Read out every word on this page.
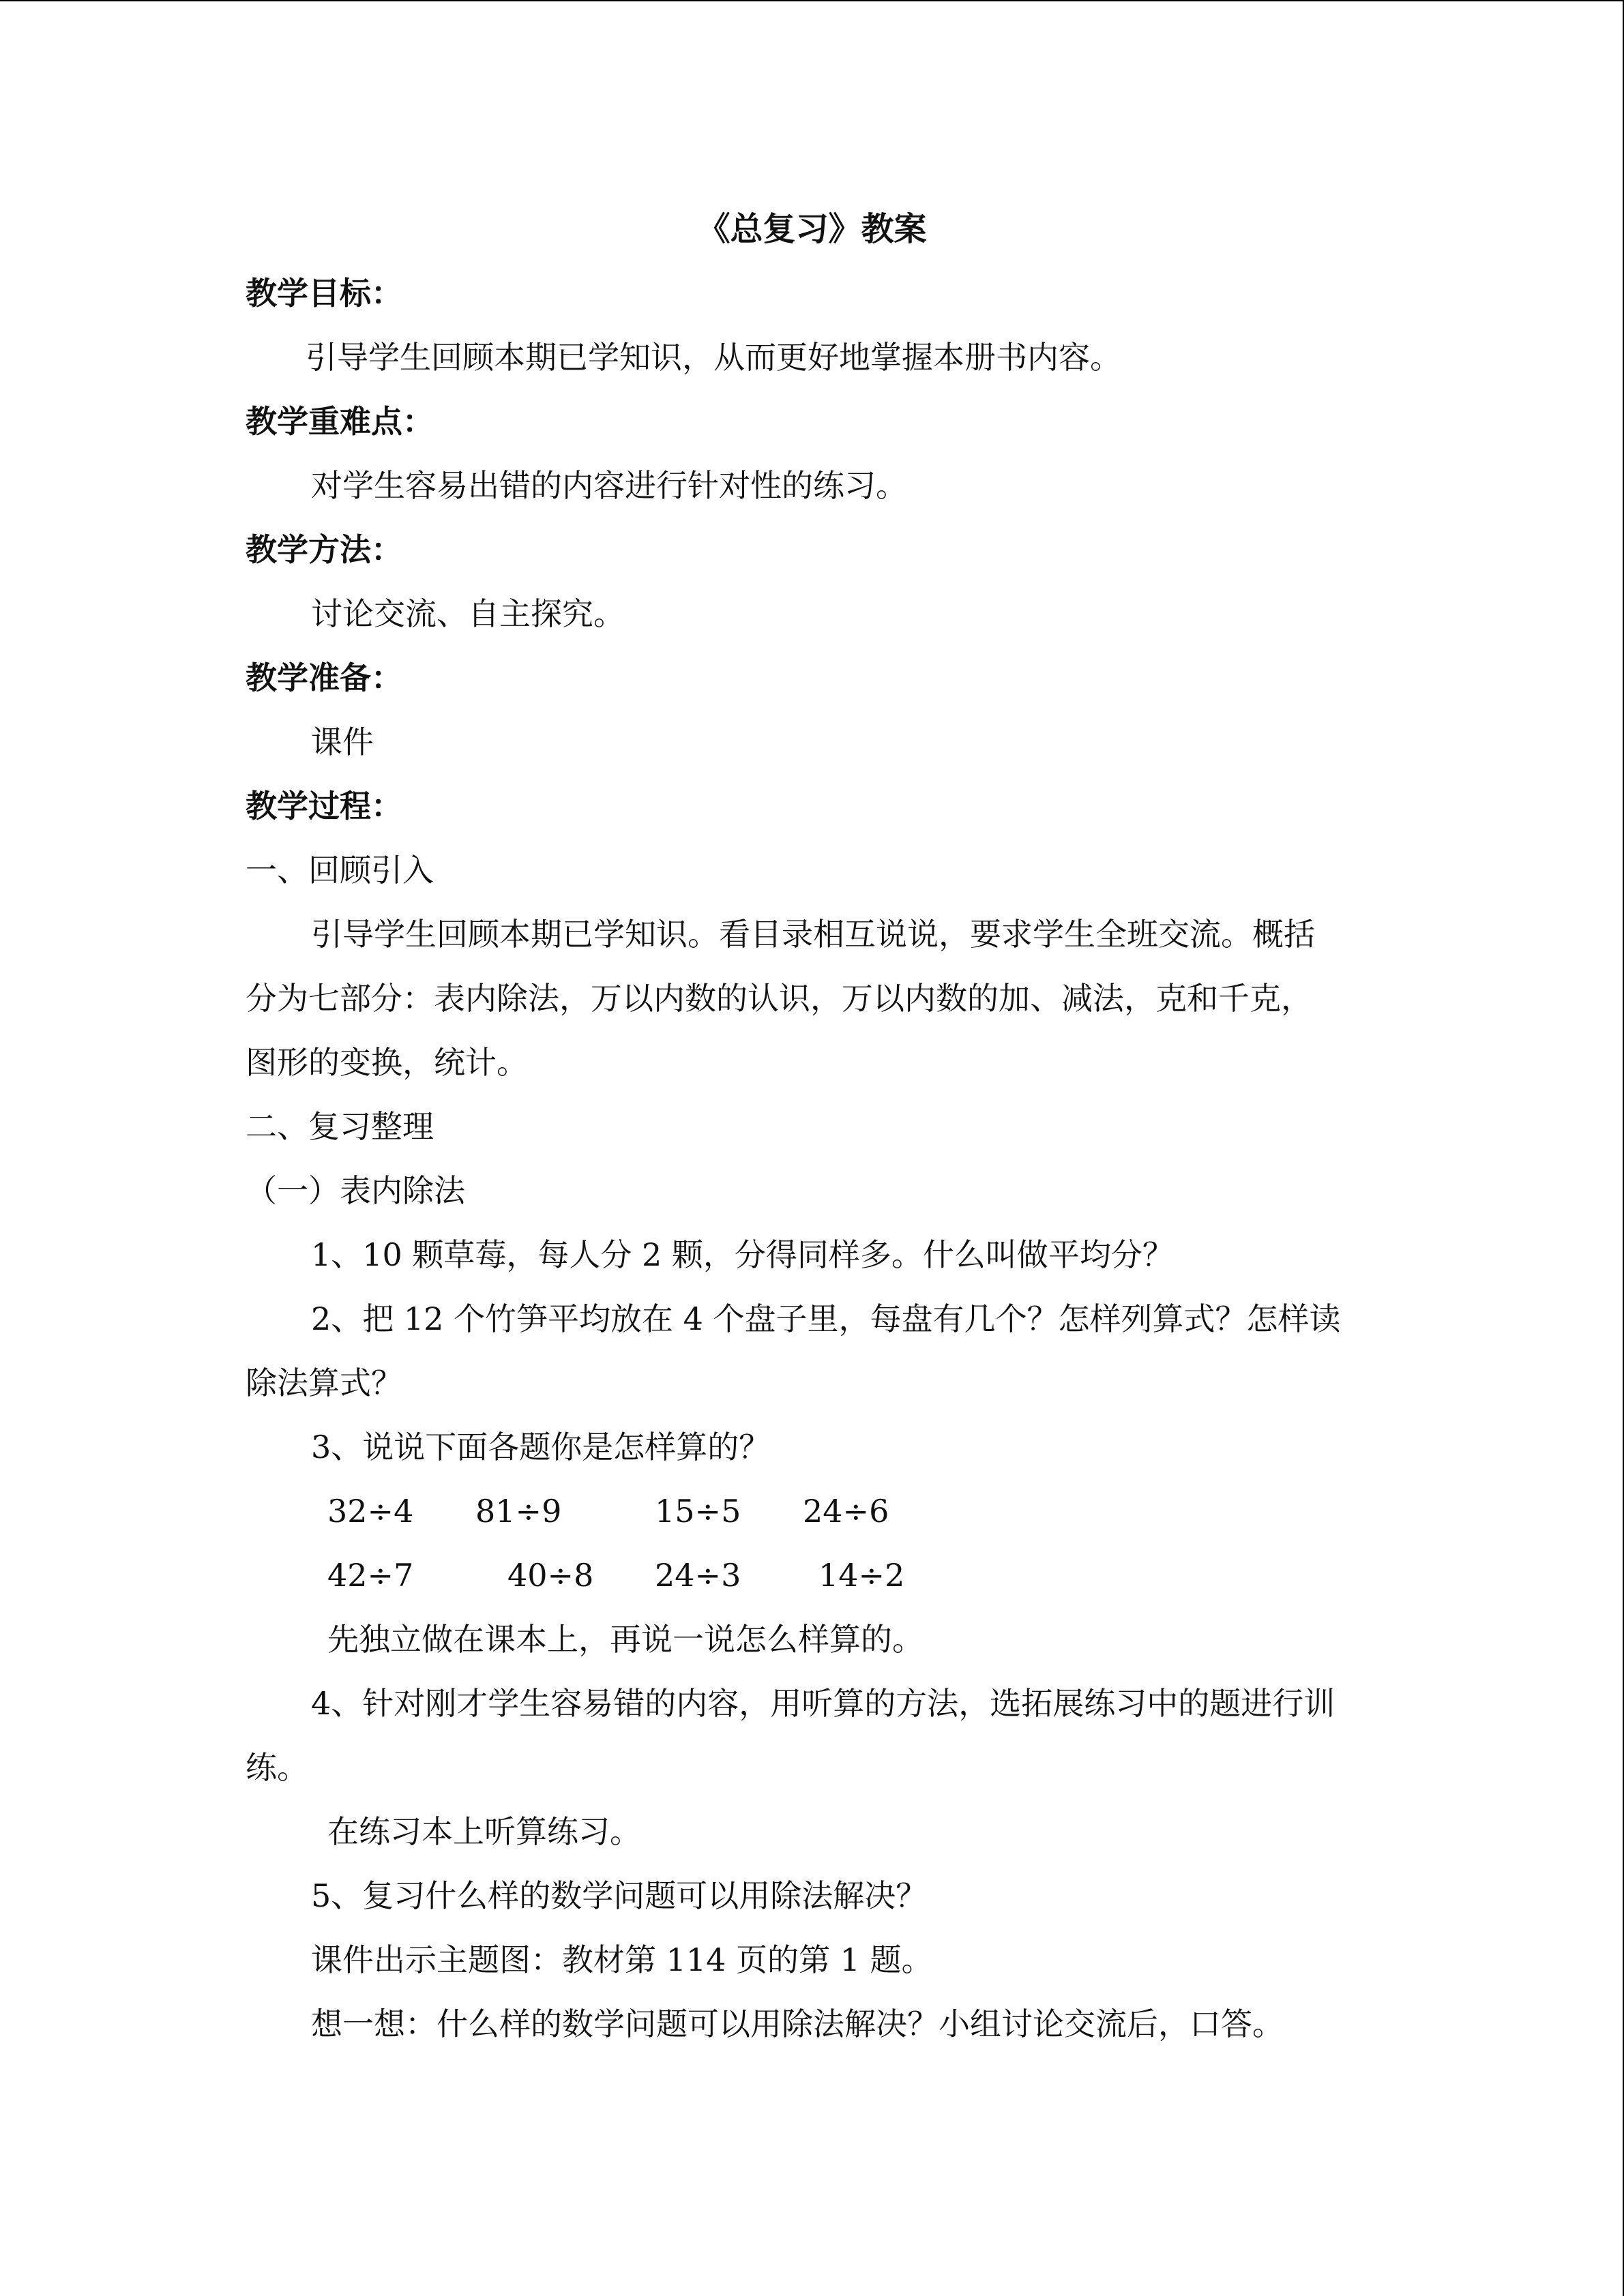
《总复习》教案

教学目标：

引导学生回顾本期已学知识，从而更好地掌握本册书内容。

教学重难点：

对学生容易出错的内容进行针对性的练习。

教学方法：

讨论交流、自主探究。

教学准备：

课件

教学过程：

一、回顾引入

引导学生回顾本期已学知识。看目录相互说说，要求学生全班交流。概括

分为七部分：表内除法，万以内数的认识，万以内数的加、减法，克和千克，

图形的变换，统计。

二、复习整理

（一）表内除法

1、10 颗草莓，每人分 2 颗，分得同样多。什么叫做平均分？

2、把 12 个竹笋平均放在 4 个盘子里，每盘有几个？怎样列算式？怎样读

除法算式？

3、说说下面各题你是怎样算的？

32÷4 81÷9	15÷5 24÷6
42÷7	40÷8 24÷3 14÷2

先独立做在课本上，再说一说怎么样算的。

4、针对刚才学生容易错的内容，用听算的方法，选拓展练习中的题进行训

练。

在练习本上听算练习。

5、复习什么样的数学问题可以用除法解决？

课件出示主题图：教材第 114 页的第 1 题。

想一想：什么样的数学问题可以用除法解决？小组讨论交流后，口答。
